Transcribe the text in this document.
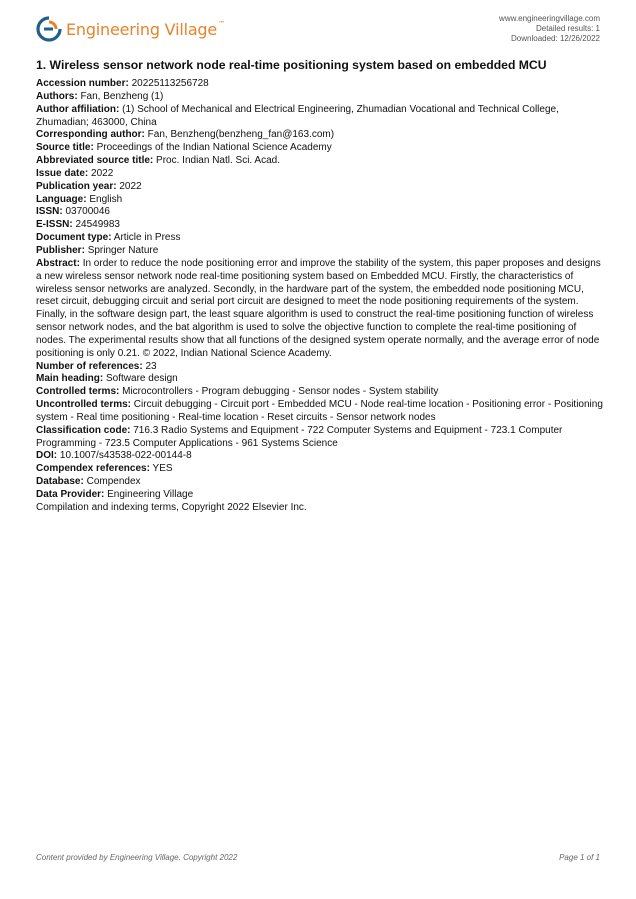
Engineering Village™
www.engineeringvillage.com
Detailed results: 1
Downloaded: 12/26/2022
1. Wireless sensor network node real-time positioning system based on embedded MCU
Accession number: 20225113256728
Authors: Fan, Benzheng (1)
Author affiliation: (1) School of Mechanical and Electrical Engineering, Zhumadian Vocational and Technical College, Zhumadian; 463000, China
Corresponding author: Fan, Benzheng(benzheng_fan@163.com)
Source title: Proceedings of the Indian National Science Academy
Abbreviated source title: Proc. Indian Natl. Sci. Acad.
Issue date: 2022
Publication year: 2022
Language: English
ISSN: 03700046
E-ISSN: 24549983
Document type: Article in Press
Publisher: Springer Nature
Abstract: In order to reduce the node positioning error and improve the stability of the system, this paper proposes and designs a new wireless sensor network node real-time positioning system based on Embedded MCU. Firstly, the characteristics of wireless sensor networks are analyzed. Secondly, in the hardware part of the system, the embedded node positioning MCU, reset circuit, debugging circuit and serial port circuit are designed to meet the node positioning requirements of the system. Finally, in the software design part, the least square algorithm is used to construct the real-time positioning function of wireless sensor network nodes, and the bat algorithm is used to solve the objective function to complete the real-time positioning of nodes. The experimental results show that all functions of the designed system operate normally, and the average error of node positioning is only 0.21. © 2022, Indian National Science Academy.
Number of references: 23
Main heading: Software design
Controlled terms: Microcontrollers - Program debugging - Sensor nodes - System stability
Uncontrolled terms: Circuit debugging - Circuit port - Embedded MCU - Node real-time location - Positioning error - Positioning system - Real time positioning - Real-time location - Reset circuits - Sensor network nodes
Classification code: 716.3 Radio Systems and Equipment - 722 Computer Systems and Equipment - 723.1 Computer Programming - 723.5 Computer Applications - 961 Systems Science
DOI: 10.1007/s43538-022-00144-8
Compendex references: YES
Database: Compendex
Data Provider: Engineering Village
Compilation and indexing terms, Copyright 2022 Elsevier Inc.
Content provided by Engineering Village. Copyright 2022	Page 1 of 1
